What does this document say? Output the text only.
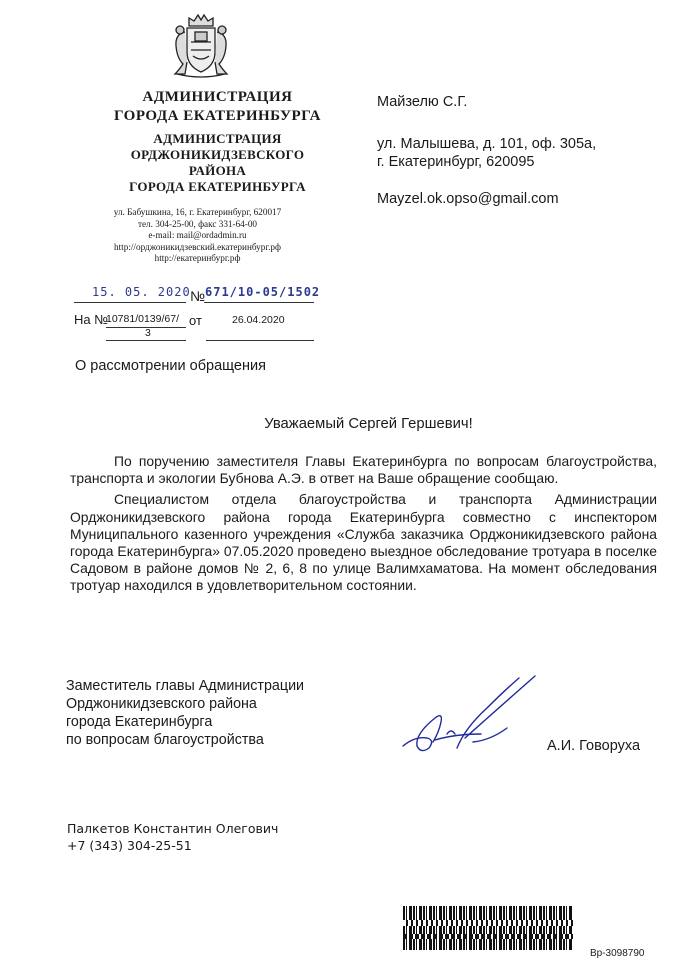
АДМИНИСТРАЦИЯ
ГОРОДА ЕКАТЕРИНБУРГА
АДМИНИСТРАЦИЯ
ОРДЖОНИКИДЗЕВСКОГО
РАЙОНА
ГОРОДА ЕКАТЕРИНБУРГА
ул. Бабушкина, 16, г. Екатеринбург, 620017
тел. 304-25-00, факс 331-64-00
e-mail: mail@ordadmin.ru
http://орджоникидзевский.екатеринбург.рф
http://екатеринбург.рф
15. 05. 2020 № 671/10-05/1502
На №
10781/0139/67/
3
от	26.04.2020
Майзелю С.Г.
ул. Малышева, д. 101, оф. 305а,
г. Екатеринбург, 620095
Mayzel.ok.opso@gmail.com
О рассмотрении обращения
Уважаемый Сергей Гершевич!

По поручению заместителя Главы Екатеринбурга по вопросам благоустройства, транспорта и экологии Бубнова А.Э. в ответ на Ваше обращение сообщаю.

Специалистом отдела благоустройства и транспорта Администрации Орджоникидзевского района города Екатеринбурга совместно с инспектором Муниципального казенного учреждения «Служба заказчика Орджоникидзевского района города Екатеринбурга» 07.05.2020 проведено выездное обследование тротуара в поселке Садовом в районе домов № 2, 6, 8 по улице Валимхаматова. На момент обследования тротуар находился в удовлетворительном состоянии.

Заместитель главы Администрации
Орджоникидзевского района
города Екатеринбурга
по вопросам благоустройства	А.И. Говоруха
Палкетов Константин Олегович
+7 (343) 304-25-51
Вр-3098790
